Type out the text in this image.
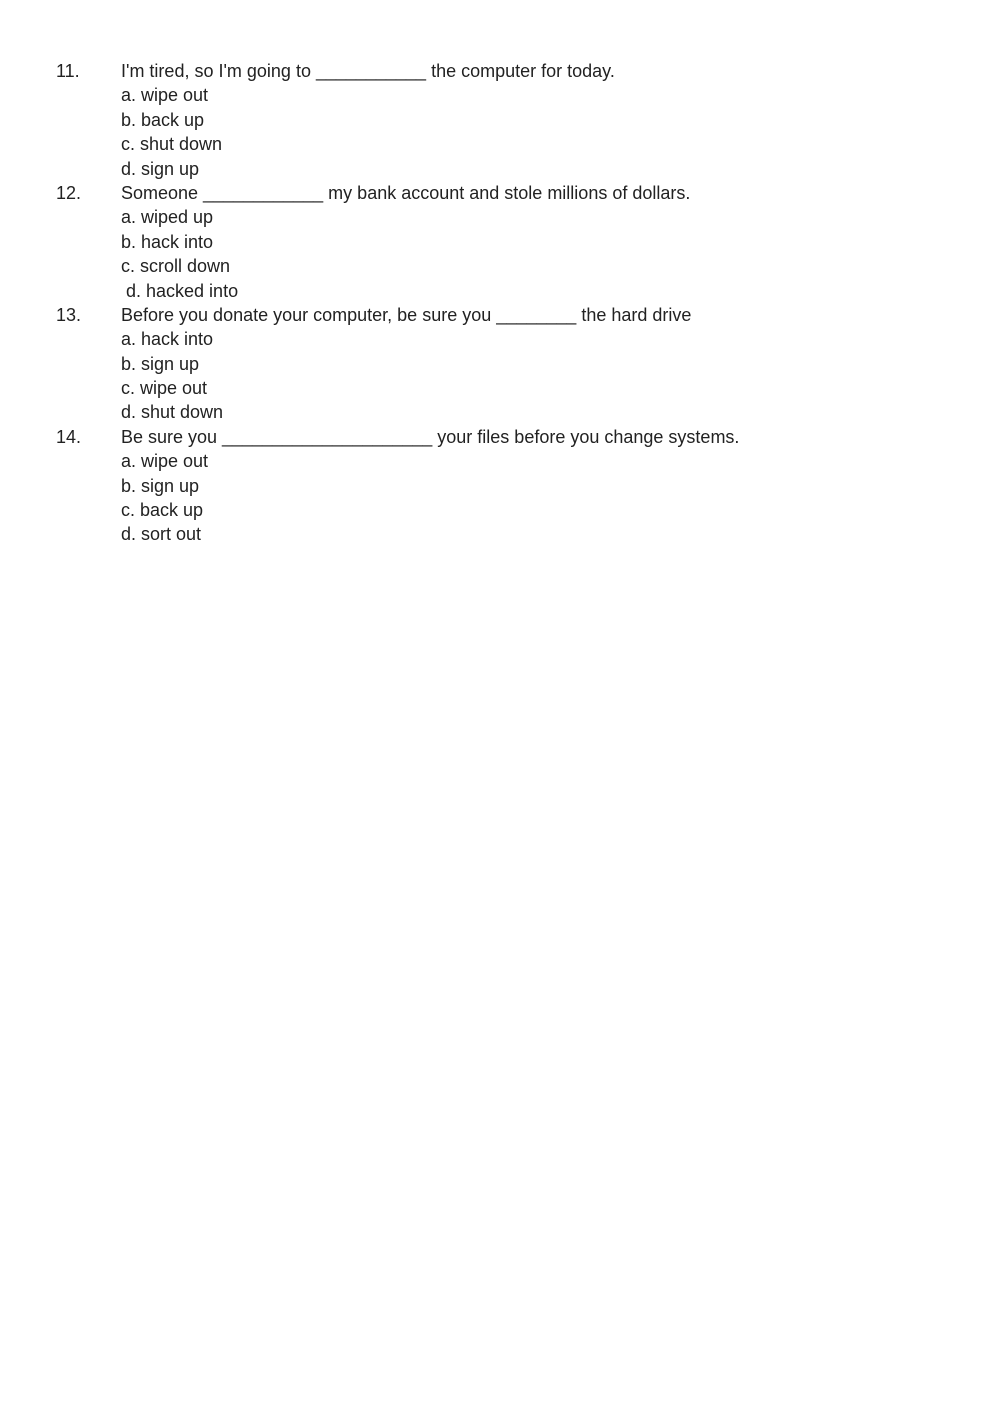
11.	I'm tired, so I'm going to ___________ the computer for today.
a. wipe out
b. back up
c. shut down
d. sign up
12.	Someone ____________ my bank account and stole millions of dollars.
a. wiped up
b. hack into
c. scroll down
d. hacked into
13.	Before you donate your computer, be sure you ________ the hard drive
a. hack into
b. sign up
c. wipe out
d. shut down
14.	Be sure you _____________________ your files before you change systems.
a. wipe out
b. sign up
c. back up
d. sort out
